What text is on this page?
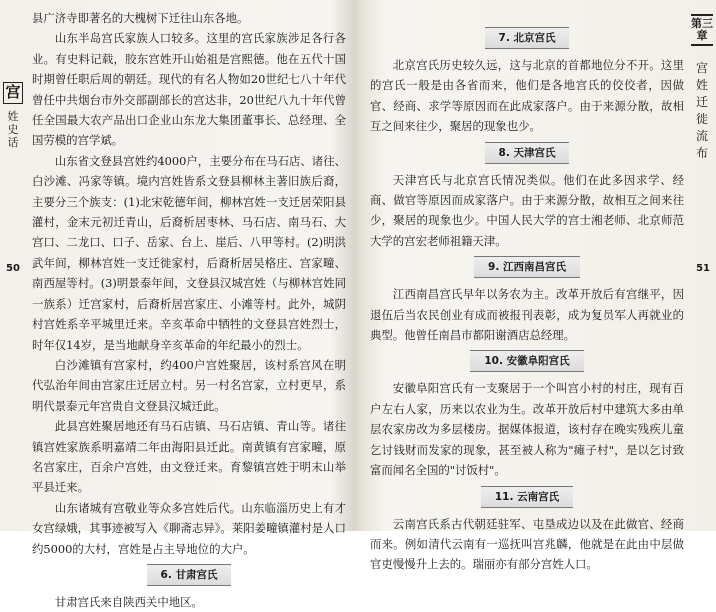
宫
姓史话
50

县广济寺即著名的大槐树下迁往山东各地。

山东半岛宫氏家族人口较多。这里的宫氏家族涉足各行各业。有史料记载，胶东宫姓开山始祖是宫熙德。他在五代十国时期曾任职后周的朝廷。现代的有名人物如20世纪七八十年代曾任中共烟台市外交部副部长的宫达非，20世纪八九十年代曾任全国最大农产品出口企业山东龙大集团董事长、总经理、全国劳模的宫学斌。

山东省文登县宫姓约4000户，主要分布在马石店、诸往、白沙滩、冯家等镇。境内宫姓皆系文登县柳林主著旧族后裔，主要分三个族支：(1)北宋乾德年间，柳林宫姓一支迁居荣阳县灌村，金末元初迁青山，后裔析居枣林、马石店、南马石、大宫口、二龙口、口子、岳家、台上、崖后、八甲等村。(2)明洪武年间，柳林宫姓一支迁徙家村，后裔析居吴格庄、宫家疃、南西屋等村。(3)明景泰年间，文登县汉城宫姓（与柳林宫姓同一族系）迁宫家村，后裔析居宫家庄、小滩等村。此外，城阴村宫姓系辛平城里迁来。辛亥革命中牺牲的文登县宫姓烈士，时年仅14岁，是当地献身辛亥革命的年纪最小的烈士。

白沙滩镇有宫家村，约400户宫姓聚居，该村系宫风在明代弘治年间由宫家庄迁居立村。另一村名宫家，立村更早，系明代景泰元年宫贵自文登县汉城迁此。

此县宫姓聚居地还有马石店镇、马石店镇、青山等。诸往镇宫姓家族系明嘉靖二年由海阳县迁此。南黄镇有宫家疃，原名宫家庄，百余户宫姓，由文登迁来。育黎镇宫姓于明末山举平县迁来。

山东诸城有宫敬业等众多宫姓后代。山东临淄历史上有才女宫绿娥，其事迹被写入《聊斋志异》。莱阳姜疃镇灌村是人口约5000的大村，宫姓是占主导地位的大户。

6. 甘肃宫氏

甘肃宫氏来自陕西关中地区。

第三章
宫姓迁徙流布
51
7. 北京宫氏

北京宫氏历史较久远，这与北京的首都地位分不开。这里的宫氏一般是由各省而来，他们是各地宫氏的佼佼者，因做官、经商、求学等原因而在此成家落户。由于来源分散，故相互之间来往少，聚居的现象也少。

8. 天津宫氏

天津宫氏与北京宫氏情况类似。他们在此多因求学、经商、做官等原因而成家落户。由于来源分散，故相互之间来往少，聚居的现象也少。中国人民大学的宫士湘老师、北京师范大学的宫宏老师祖籍天津。

9. 江西南昌宫氏

江西南昌宫氏早年以务农为主。改革开放后有宫继平，因退伍后当农民创业有成而被报刊表彰，成为复员军人再就业的典型。他曾任南昌市都阳谢酒店总经理。

10. 安徽阜阳宫氏

安徽阜阳宫氏有一支聚居于一个叫宫小村的村庄，现有百户左右人家，历来以农业为生。改革开放后村中建筑大多由单层农家房改为多层楼房。据媒体报道，该村存在晚实残疾儿童乞讨钱财而发家的现象，甚至被人称为"瘫子村"，是以乞讨致富而闻名全国的"讨饭村"。

11. 云南宫氏

云南宫氏系古代朝廷驻军、屯垦成边以及在此做官、经商而来。例如清代云南有一巡抚叫宫兆麟，他就是在此由中层做官吏慢慢升上去的。瑞丽亦有部分宫姓人口。
